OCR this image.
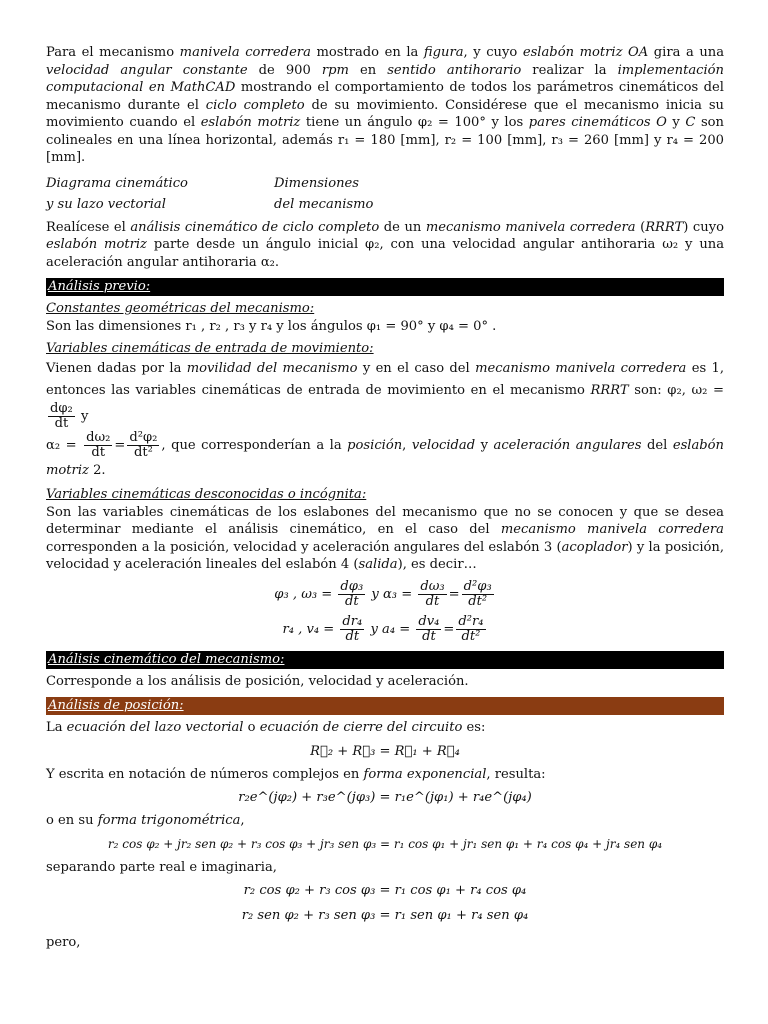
Para el mecanismo manivela corredera mostrado en la figura, y cuyo eslabón motriz OA gira a una velocidad angular constante de 900 rpm en sentido antihorario realizar la implementación computacional en MathCAD mostrando el comportamiento de todos los parámetros cinemáticos del mecanismo durante el ciclo completo de su movimiento. Considérese que el mecanismo inicia su movimiento cuando el eslabón motriz tiene un ángulo φ₂ = 100° y los pares cinemáticos O y C son colineales en una línea horizontal, además r₁ = 180 [mm], r₂ = 100 [mm], r₃ = 260 [mm] y r₄ = 200 [mm].

Diagrama cinemático
y su lazo vectorial
Dimensiones
del mecanismo

Realícese el análisis cinemático de ciclo completo de un mecanismo manivela corredera (RRRT) cuyo eslabón motriz parte desde un ángulo inicial φ₂, con una velocidad angular antihoraria ω₂ y una aceleración angular antihoraria α₂.

Análisis previo:
Constantes geométricas del mecanismo:

Son las dimensiones r₁ , r₂ , r₃ y r₄ y los ángulos φ₁ = 90° y φ₄ = 0° .

Variables cinemáticas de entrada de movimiento:

Vienen dadas por la movilidad del mecanismo y en el caso del mecanismo manivela corredera es 1, entonces las variables cinemáticas de entrada de movimiento en el mecanismo RRRT son: φ₂, ω₂ =
$\frac{\text{dφ₂}}{dt}$ y
$\alpha_2 = \frac{\text{dω₂}}{dt} = \frac{\text{d²φ₂}}{\text{dt²}}$ , que corresponderían a la posición, velocidad y aceleración angulares del eslabón motriz 2.

Variables cinemáticas desconocidas o incógnita:

Son las variables cinemáticas de los eslabones del mecanismo que no se conocen y que se desea determinar mediante el análisis cinemático, en el caso del mecanismo manivela corredera corresponden a la posición, velocidad y aceleración angulares del eslabón 3 (acoplador) y la posición, velocidad y aceleración lineales del eslabón 4 (salida), es decir…

φ₃ , $\omega_3 = \frac{\text{dφ₃}}{dt}$ y $\alpha_3 = \frac{\text{dω₃}}{dt} = \frac{\text{d²φ₃}}{\text{dt²}}$
r₄ , $v_4 = \frac{\text{dr₄}}{dt}$ y $a_4 = \frac{\text{dv₄}}{dt} = \frac{\text{d²r₄}}{\text{dt²}}$
Análisis cinemático del mecanismo:

Corresponde a los análisis de posición, velocidad y aceleración.

Análisis de posición:

La ecuación del lazo vectorial o ecuación de cierre del circuito es:

R⃗₂ + R⃗₃ = R⃗₁ + R⃗₄

Y escrita en notación de números complejos en forma exponencial, resulta:

r₂e^(jφ₂) + r₃e^(jφ₃) = r₁e^(jφ₁) + r₄e^(jφ₄)

o en su forma trigonométrica,

r₂ cos φ₂ + jr₂ sen φ₂ + r₃ cos φ₃ + jr₃ sen φ₃ = r₁ cos φ₁ + jr₁ sen φ₁ + r₄ cos φ₄ + jr₄ sen φ₄

separando parte real e imaginaria,

r₂ cos φ₂ + r₃ cos φ₃ = r₁ cos φ₁ + r₄ cos φ₄
r₂ sen φ₂ + r₃ sen φ₃ = r₁ sen φ₁ + r₄ sen φ₄

pero,
